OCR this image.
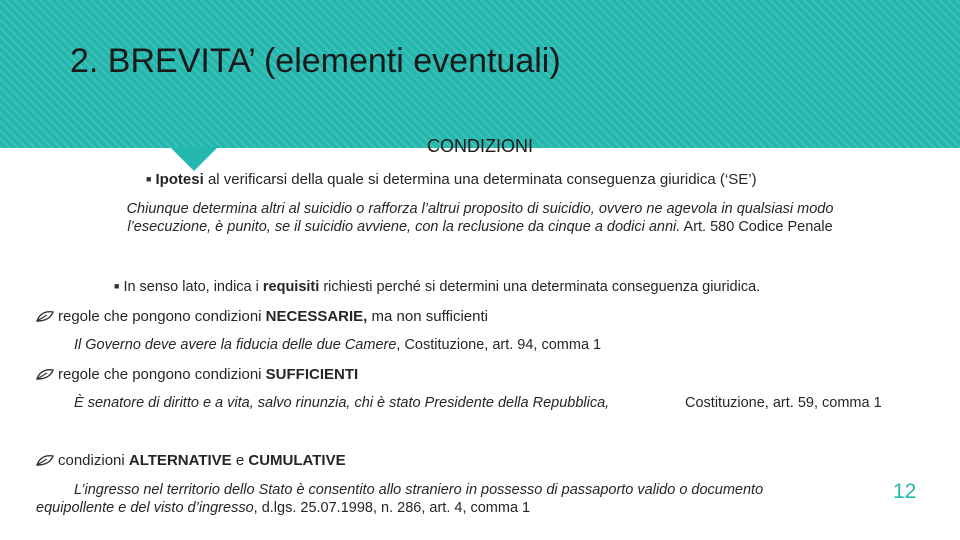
2. BREVITA’ (elementi eventuali)
CONDIZIONI
■ Ipotesi al verificarsi della quale si determina una determinata conseguenza giuridica (‘SE’)
Chiunque determina altri al suicidio o rafforza l’altrui proposito di suicidio, ovvero ne agevola in qualsiasi modo
l’esecuzione, è punito, se il suicidio avviene, con la reclusione da cinque a dodici anni. Art. 580 Codice Penale
■ In senso lato, indica i requisiti richiesti perché si determini una determinata conseguenza giuridica.
regole che pongono condizioni NECESSARIE, ma non sufficienti
Il Governo deve avere la fiducia delle due Camere, Costituzione, art. 94, comma 1
regole che pongono condizioni SUFFICIENTI
È senatore di diritto e a vita, salvo rinunzia, chi è stato Presidente della Repubblica,	Costituzione, art. 59, comma 1
condizioni ALTERNATIVE e CUMULATIVE
L’ingresso nel territorio dello Stato è consentito allo straniero in possesso di passaporto valido o documento
equipollente e del visto d’ingresso, d.lgs. 25.07.1998, n. 286, art. 4, comma 1
12
